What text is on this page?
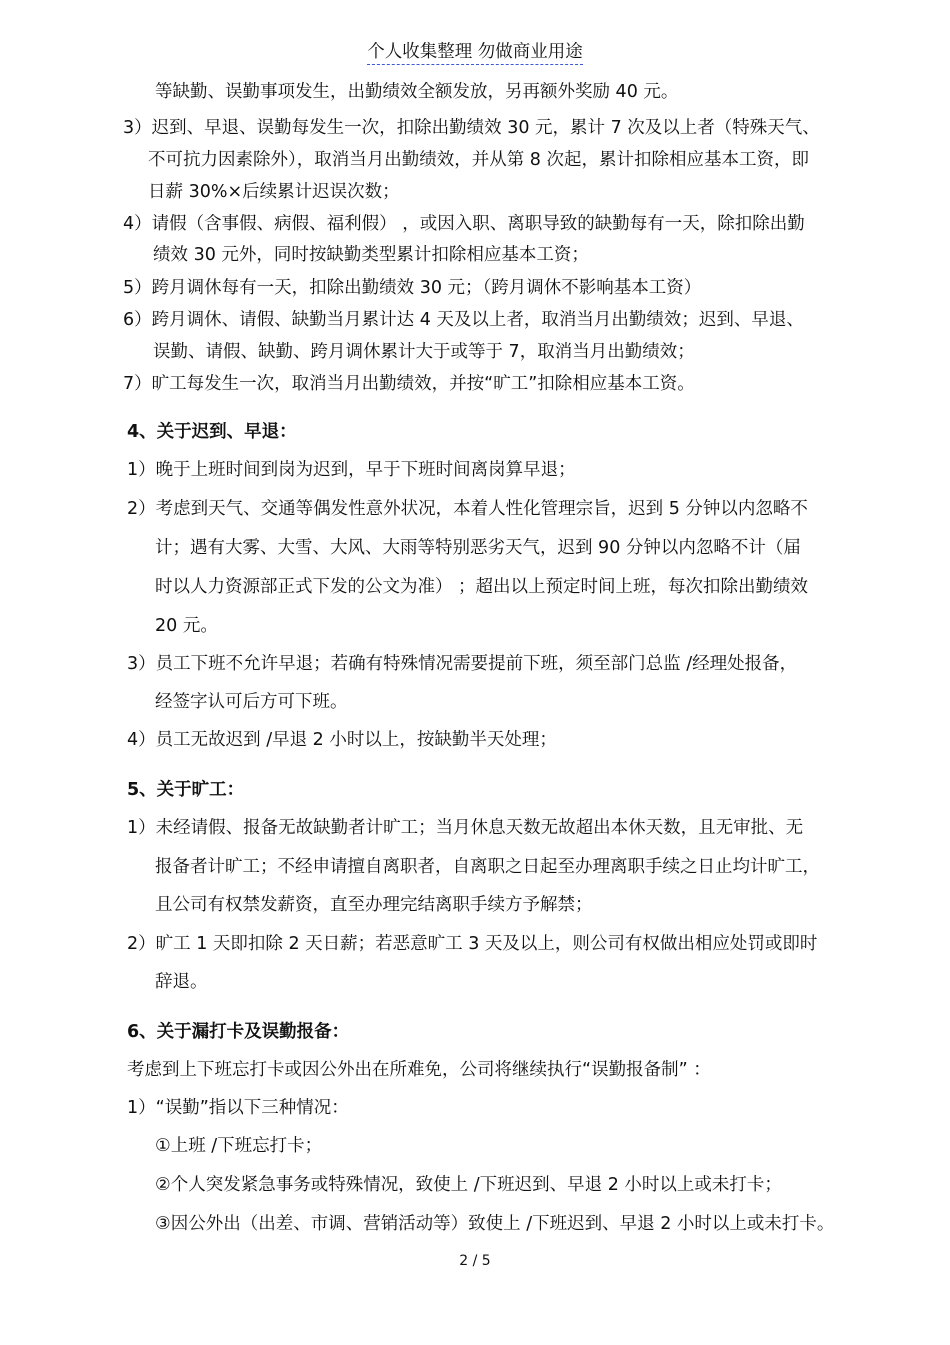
个人收集整理 勿做商业用途
等缺勤、误勤事项发生，出勤绩效全额发放，另再额外奖励 40 元。
3）迟到、早退、误勤每发生一次，扣除出勤绩效 30 元，累计 7 次及以上者（特殊天气、
不可抗力因素除外），取消当月出勤绩效，并从第 8 次起，累计扣除相应基本工资，即
日薪 30%×后续累计迟误次数；
4）请假（含事假、病假、福利假） ，或因入职、离职导致的缺勤每有一天，除扣除出勤
绩效 30 元外，同时按缺勤类型累计扣除相应基本工资；
5）跨月调休每有一天，扣除出勤绩效 30 元；（跨月调休不影响基本工资）
6）跨月调休、请假、缺勤当月累计达 4 天及以上者，取消当月出勤绩效；迟到、早退、
误勤、请假、缺勤、跨月调休累计大于或等于 7，取消当月出勤绩效；
7）旷工每发生一次，取消当月出勤绩效，并按“旷工”扣除相应基本工资。
4、关于迟到、早退：
1）晚于上班时间到岗为迟到，早于下班时间离岗算早退；
2）考虑到天气、交通等偶发性意外状况，本着人性化管理宗旨，迟到 5 分钟以内忽略不
计；遇有大雾、大雪、大风、大雨等特别恶劣天气，迟到 90 分钟以内忽略不计（届
时以人力资源部正式下发的公文为准） ；超出以上预定时间上班，每次扣除出勤绩效
20 元。
3）员工下班不允许早退；若确有特殊情况需要提前下班，须至部门总监 /经理处报备，
经签字认可后方可下班。
4）员工无故迟到 /早退 2 小时以上，按缺勤半天处理；
5、关于旷工：
1）未经请假、报备无故缺勤者计旷工；当月休息天数无故超出本休天数，且无审批、无
报备者计旷工；不经申请擅自离职者，自离职之日起至办理离职手续之日止均计旷工，
且公司有权禁发薪资，直至办理完结离职手续方予解禁；
2）旷工 1 天即扣除 2 天日薪；若恶意旷工 3 天及以上，则公司有权做出相应处罚或即时
辞退。
6、关于漏打卡及误勤报备：
考虑到上下班忘打卡或因公外出在所难免，公司将继续执行“误勤报备制” ：
1）“误勤”指以下三种情况：
①上班 /下班忘打卡；
②个人突发紧急事务或特殊情况，致使上 /下班迟到、早退 2 小时以上或未打卡；
③因公外出（出差、市调、营销活动等）致使上 /下班迟到、早退 2 小时以上或未打卡。
2 / 5
